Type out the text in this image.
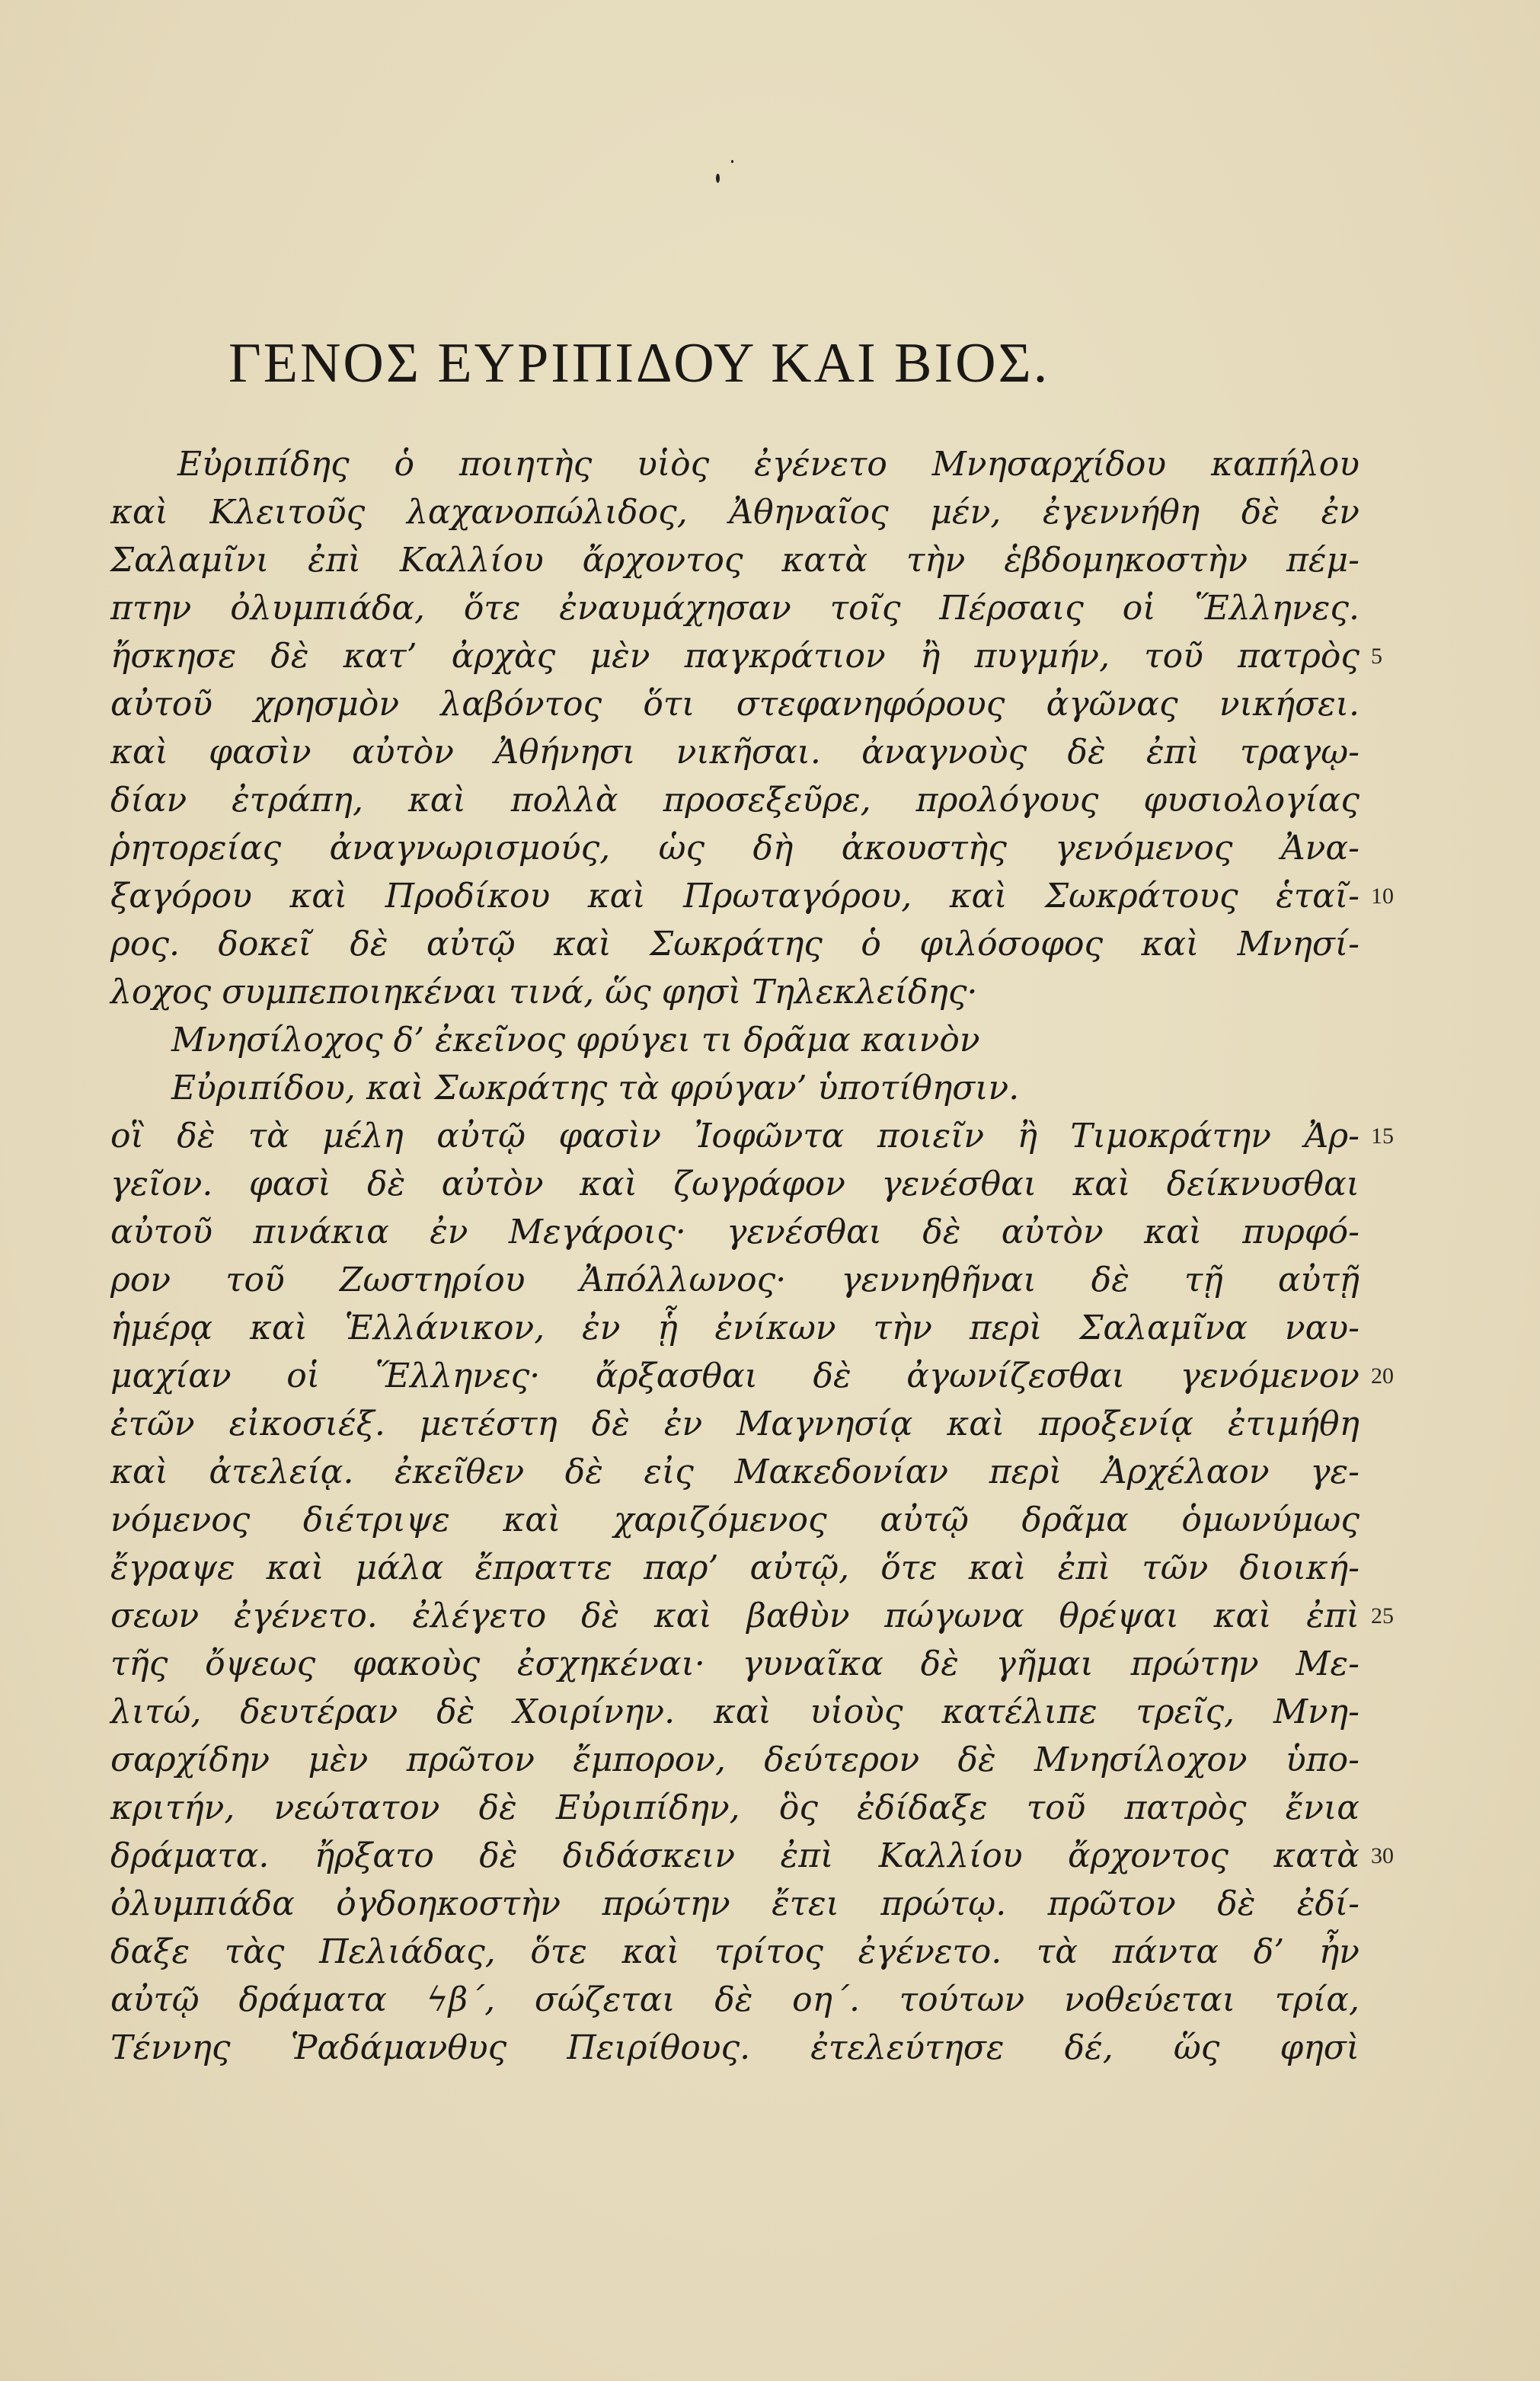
ΓΕΝΟΣ ΕΥΡΙΠΙΔΟΥ ΚΑΙ ΒΙΟΣ.
Εὐριπίδης ὁ ποιητὴς υἱὸς ἐγένετο Μνησαρχίδου καπήλου
καὶ Κλειτοῦς λαχανοπώλιδος, Ἀθηναῖος μέν, ἐγεννήθη δὲ ἐν
Σαλαμῖνι ἐπὶ Καλλίου ἄρχοντος κατὰ τὴν ἑβδομηκοστὴν πέμ-
πτην ὀλυμπιάδα, ὅτε ἐναυμάχησαν τοῖς Πέρσαις οἱ Ἕλληνες.
ἤσκησε δὲ κατ’ ἀρχὰς μὲν παγκράτιον ἢ πυγμήν, τοῦ πατρὸς 5
αὐτοῦ χρησμὸν λαβόντος ὅτι στεφανηφόρους ἀγῶνας νικήσει.
καὶ φασὶν αὐτὸν Ἀθήνησι νικῆσαι. ἀναγνοὺς δὲ ἐπὶ τραγῳ-
δίαν ἐτράπη, καὶ πολλὰ προσεξεῦρε, προλόγους φυσιολογίας
ῥητορείας ἀναγνωρισμούς, ὡς δὴ ἀκουστὴς γενόμενος Ἀνα-
ξαγόρου καὶ Προδίκου καὶ Πρωταγόρου, καὶ Σωκράτους ἑταῖ- 10
ρος. δοκεῖ δὲ αὐτῷ καὶ Σωκράτης ὁ φιλόσοφος καὶ Μνησί-
λοχος συμπεποιηκέναι τινά, ὥς φησὶ Τηλεκλείδης·
Μνησίλοχος δ’ ἐκεῖνος φρύγει τι δρᾶμα καινὸν
Εὐριπίδου, καὶ Σωκράτης τὰ φρύγαν’ ὑποτίθησιν.
οἳ δὲ τὰ μέλη αὐτῷ φασὶν Ἰοφῶντα ποιεῖν ἢ Τιμοκράτην Ἀρ- 15
γεῖον. φασὶ δὲ αὐτὸν καὶ ζωγράφον γενέσθαι καὶ δείκνυσθαι
αὐτοῦ πινάκια ἐν Μεγάροις· γενέσθαι δὲ αὐτὸν καὶ πυρφό-
ρον τοῦ Ζωστηρίου Ἀπόλλωνος· γεννηθῆναι δὲ τῇ αὐτῇ
ἡμέρᾳ καὶ Ἑλλάνικον, ἐν ᾗ ἐνίκων τὴν περὶ Σαλαμῖνα ναυ-
μαχίαν οἱ Ἕλληνες· ἄρξασθαι δὲ ἀγωνίζεσθαι γενόμενον 20
ἐτῶν εἰκοσιέξ. μετέστη δὲ ἐν Μαγνησίᾳ καὶ προξενίᾳ ἐτιμήθη
καὶ ἀτελείᾳ. ἐκεῖθεν δὲ εἰς Μακεδονίαν περὶ Ἀρχέλαον γε-
νόμενος διέτριψε καὶ χαριζόμενος αὐτῷ δρᾶμα ὁμωνύμως
ἔγραψε καὶ μάλα ἔπραττε παρ’ αὐτῷ, ὅτε καὶ ἐπὶ τῶν διοική-
σεων ἐγένετο. ἐλέγετο δὲ καὶ βαθὺν πώγωνα θρέψαι καὶ ἐπὶ 25
τῆς ὄψεως φακοὺς ἐσχηκέναι· γυναῖκα δὲ γῆμαι πρώτην Με-
λιτώ, δευτέραν δὲ Χοιρίνην. καὶ υἱοὺς κατέλιπε τρεῖς, Μνη-
σαρχίδην μὲν πρῶτον ἔμπορον, δεύτερον δὲ Μνησίλοχον ὑπο-
κριτήν, νεώτατον δὲ Εὐριπίδην, ὃς ἐδίδαξε τοῦ πατρὸς ἔνια
δράματα. ἤρξατο δὲ διδάσκειν ἐπὶ Καλλίου ἄρχοντος κατὰ 30
ὀλυμπιάδα ὀγδοηκοστὴν πρώτην ἔτει πρώτῳ. πρῶτον δὲ ἐδί-
δαξε τὰς Πελιάδας, ὅτε καὶ τρίτος ἐγένετο. τὰ πάντα δ’ ἦν
αὐτῷ δράματα ϟβ΄, σώζεται δὲ οη΄. τούτων νοθεύεται τρία,
Τέννης Ῥαδάμανθυς Πειρίθους. ἐτελεύτησε δέ, ὥς φησὶ
